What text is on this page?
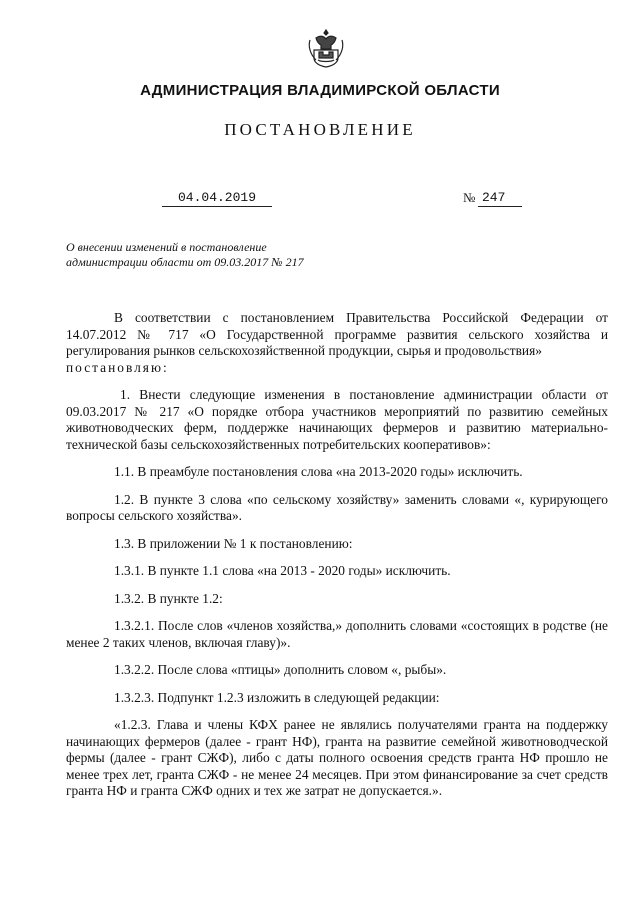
АДМИНИСТРАЦИЯ ВЛАДИМИРСКОЙ ОБЛАСТИ
ПОСТАНОВЛЕНИЕ
04.04.2019	№ 247
О внесении изменений в постановление
администрации области от 09.03.2017 № 217

В соответствии с постановлением Правительства Российской Федерации от 14.07.2012 № 717 «О Государственной программе развития сельского хозяйства и регулирования рынков сельскохозяйственной продукции, сырья и продовольствия»

постановляю:

1. Внести следующие изменения в постановление администрации области от 09.03.2017 № 217 «О порядке отбора участников мероприятий по развитию семейных животноводческих ферм, поддержке начинающих фермеров и развитию материально-технической базы сельскохозяйственных потребительских кооперативов»:

1.1. В преамбуле постановления слова «на 2013-2020 годы» исключить.

1.2. В пункте 3 слова «по сельскому хозяйству» заменить словами «, курирующего вопросы сельского хозяйства».

1.3. В приложении № 1 к постановлению:

1.3.1. В пункте 1.1 слова «на 2013 - 2020 годы» исключить.

1.3.2. В пункте 1.2:

1.3.2.1. После слов «членов хозяйства,» дополнить словами «состоящих в родстве (не менее 2 таких членов, включая главу)».

1.3.2.2. После слова «птицы» дополнить словом «, рыбы».

1.3.2.3. Подпункт 1.2.3 изложить в следующей редакции:

«1.2.3. Глава и члены КФХ ранее не являлись получателями гранта на поддержку начинающих фермеров (далее - грант НФ), гранта на развитие семейной животноводческой фермы (далее - грант СЖФ), либо с даты полного освоения средств гранта НФ прошло не менее трех лет, гранта СЖФ - не менее 24 месяцев. При этом финансирование за счет средств гранта НФ и гранта СЖФ одних и тех же затрат не допускается.».
